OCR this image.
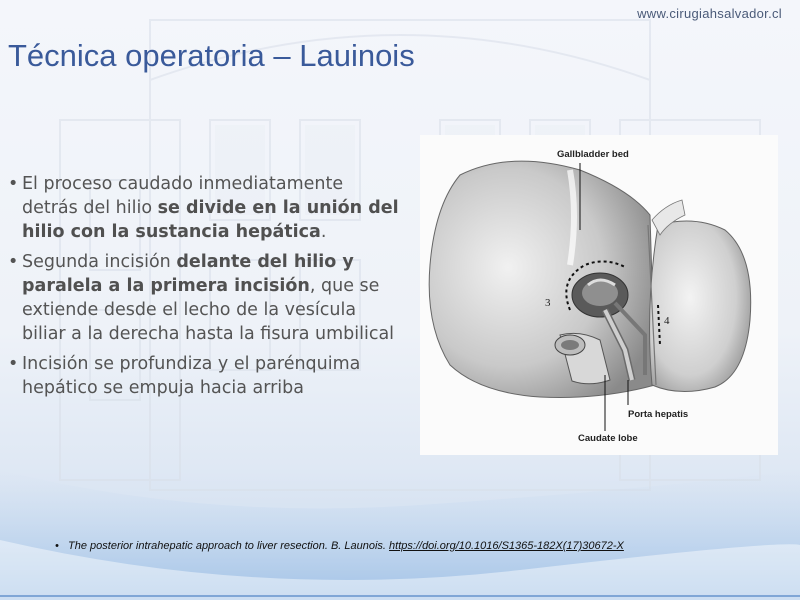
www.cirugiahsalvador.cl
Técnica operatoria – Lauinois
• El proceso caudado inmediatamente detrás del hilio se divide en la unión del hilio con la sustancia hepática.
• Segunda incisión delante del hilio y paralela a la primera incisión, que se extiende desde el lecho de la vesícula biliar a la derecha hasta la fisura umbilical
• Incisión se profundiza y el parénquima hepático se empuja hacia arriba
Gallbladder bed
3
4
Porta hepatis
Caudate lobe
• The posterior intrahepatic approach to liver resection. B. Launois. https://doi.org/10.1016/S1365-182X(17)30672-X
